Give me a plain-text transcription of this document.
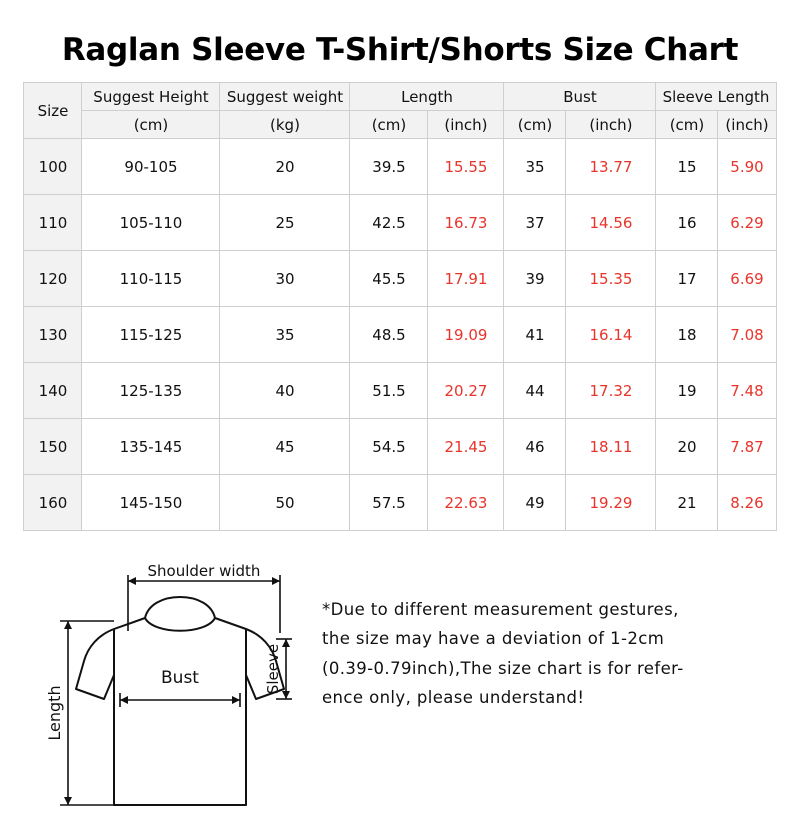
Raglan Sleeve T-Shirt/Shorts Size Chart
Size	Suggest Height	Suggest weight	Length		Bust		Sleeve Length	
	(cm)	(kg)	(cm)	(inch)	(cm)	(inch)	(cm)	(inch)
100	90-105	20	39.5	15.55	35	13.77	15	5.90
110	105-110	25	42.5	16.73	37	14.56	16	6.29
120	110-115	30	45.5	17.91	39	15.35	17	6.69
130	115-125	35	48.5	19.09	41	16.14	18	7.08
140	125-135	40	51.5	20.27	44	17.32	19	7.48
150	135-145	45	54.5	21.45	46	18.11	20	7.87
160	145-150	50	57.5	22.63	49	19.29	21	8.26
Shoulder width
Bust
Length
Sleeve
*Due to different measurement gestures,
the size may have a deviation of 1-2cm
(0.39-0.79inch),The size chart is for refer-
ence only, please understand!
